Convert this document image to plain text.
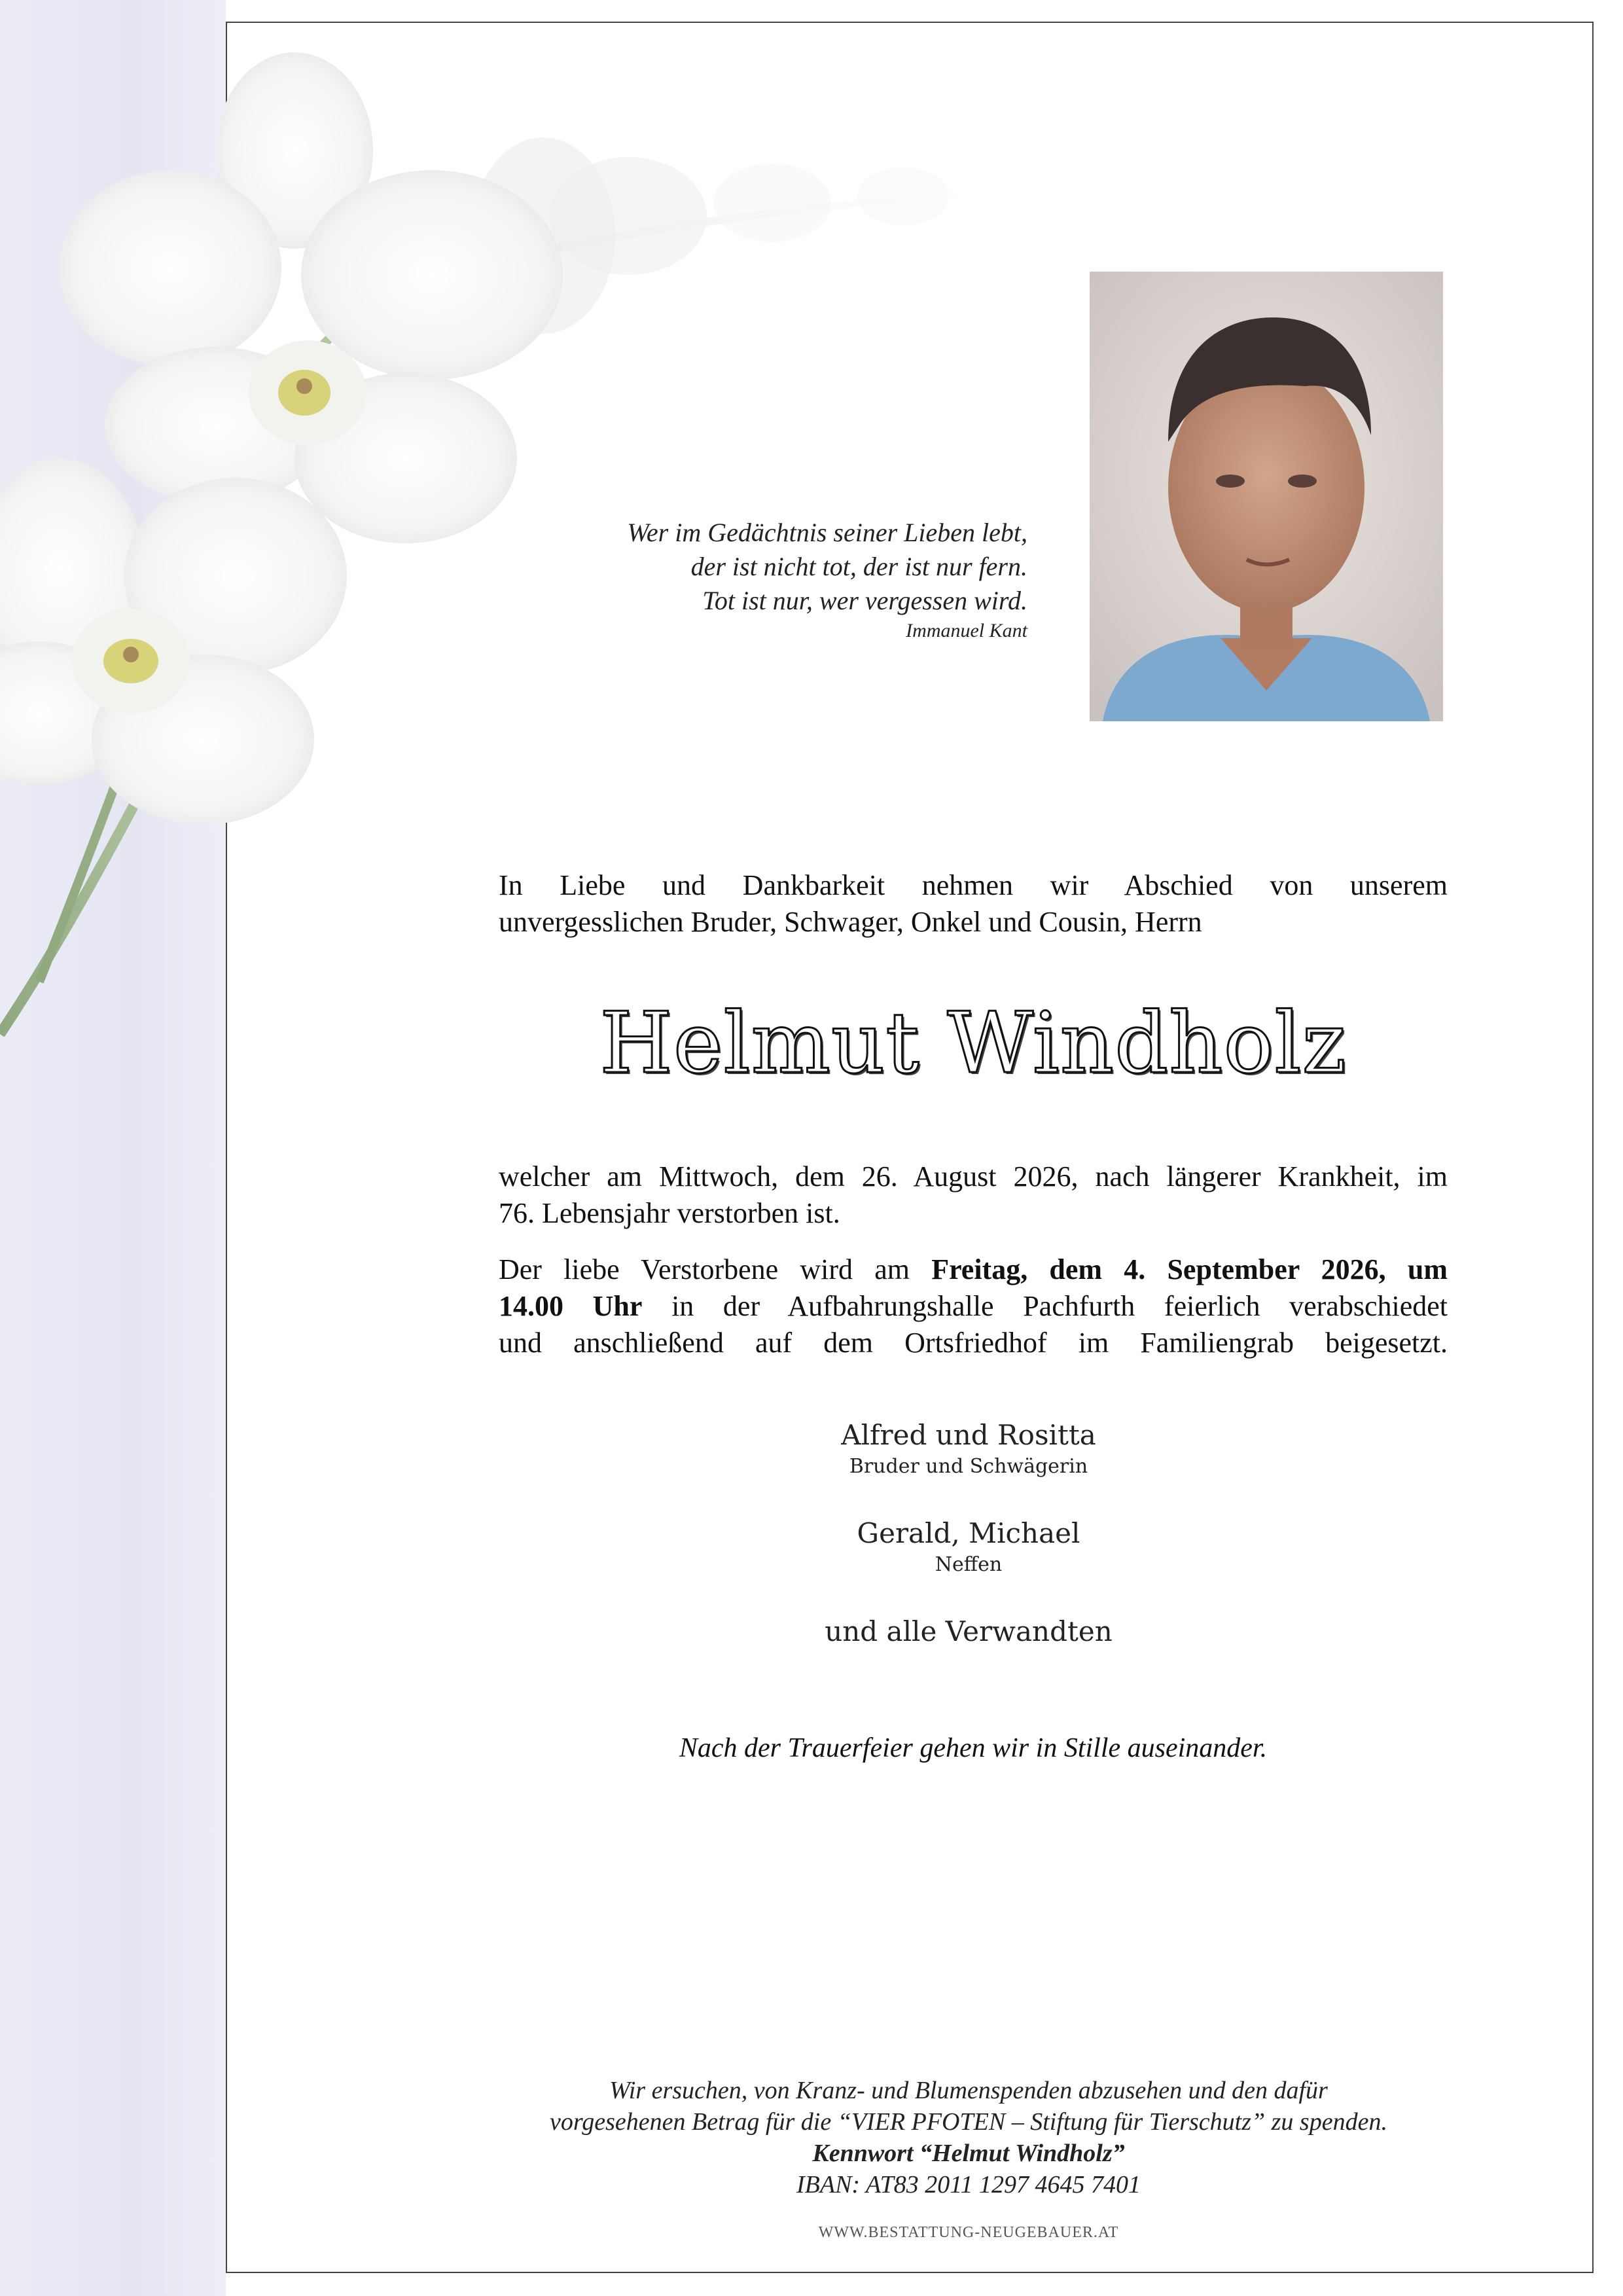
Wer im Gedächtnis seiner Lieben lebt,
der ist nicht tot, der ist nur fern.
Tot ist nur, wer vergessen wird.
Immanuel Kant
In Liebe und Dankbarkeit nehmen wir Abschied von unserem
unvergesslichen Bruder, Schwager, Onkel und Cousin, Herrn
Helmut Windholz
welcher am Mittwoch, dem 26. August 2026, nach längerer Krankheit, im
76. Lebensjahr verstorben ist.
Der liebe Verstorbene wird am Freitag, dem 4. September 2026, um
14.00 Uhr in der Aufbahrungshalle Pachfurth feierlich verabschiedet
und anschließend auf dem Ortsfriedhof im Familiengrab beigesetzt.
Alfred und Rositta
Bruder und Schwägerin
Gerald, Michael
Neffen
und alle Verwandten
Nach der Trauerfeier gehen wir in Stille auseinander.
Wir ersuchen, von Kranz- und Blumenspenden abzusehen und den dafür
vorgesehenen Betrag für die “VIER PFOTEN – Stiftung für Tierschutz” zu spenden.
Kennwort “Helmut Windholz”
IBAN: AT83 2011 1297 4645 7401
WWW.BESTATTUNG-NEUGEBAUER.AT
